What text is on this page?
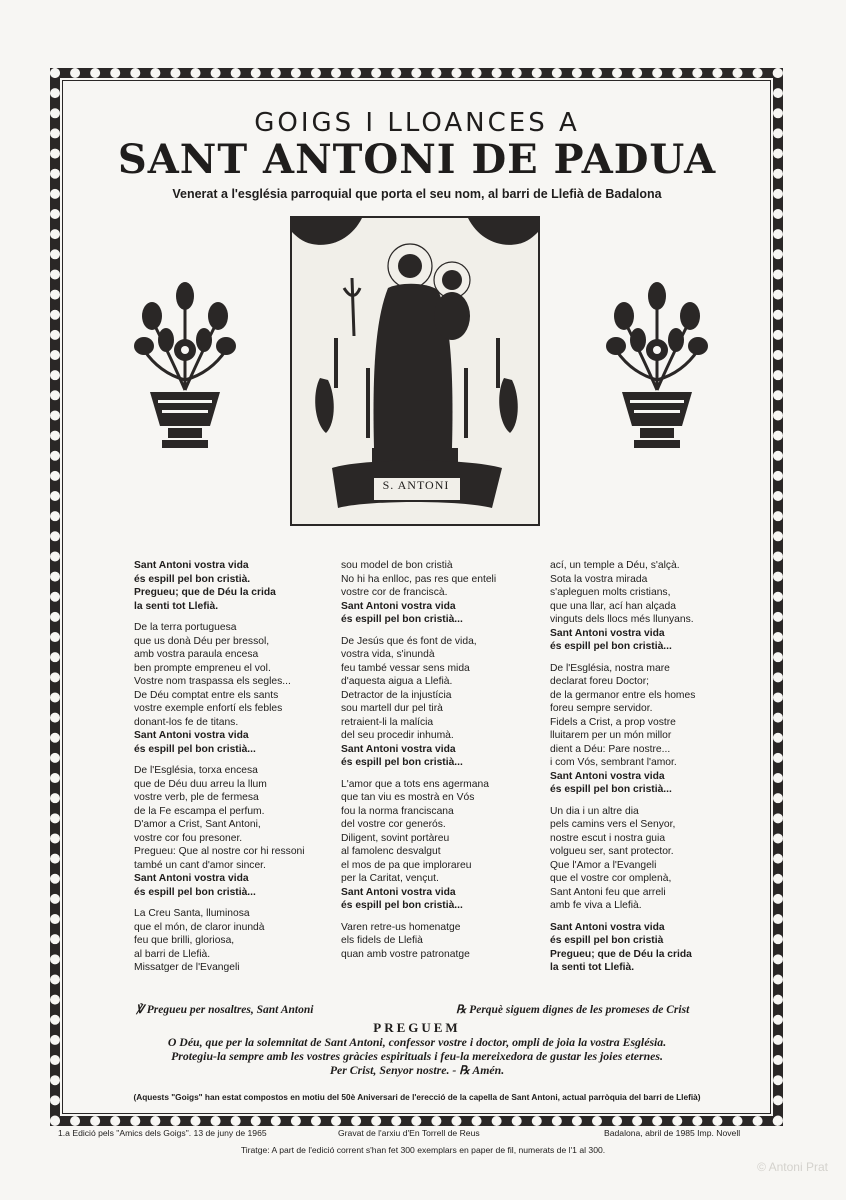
GOIGS I LLOANCES A
SANT ANTONI DE PADUA
Venerat a l'església parroquial que porta el seu nom, al barri de Llefià de Badalona
S. ANTONI

Sant Antoni vostra vida

és espill pel bon cristià.

Pregueu; que de Déu la crida

la senti tot Llefià.

De la terra portuguesa

que us donà Déu per bressol,

amb vostra paraula encesa

ben prompte empreneu el vol.

Vostre nom traspassa els segles...

De Déu comptat entre els sants

vostre exemple enfortí els febles

donant-los fe de titans.

Sant Antoni vostra vida

és espill pel bon cristià...

De l'Església, torxa encesa

que de Déu duu arreu la llum

vostre verb, ple de fermesa

de la Fe escampa el perfum.

D'amor a Crist, Sant Antoni,

vostre cor fou presoner.

Pregueu: Que al nostre cor hi ressoni

també un cant d'amor sincer.

Sant Antoni vostra vida

és espill pel bon cristià...

La Creu Santa, lluminosa

que el món, de claror inundà

feu que brilli, gloriosa,

al barri de Llefià.

Missatger de l'Evangeli

sou model de bon cristià

No hi ha enlloc, pas res que enteli

vostre cor de franciscà.

Sant Antoni vostra vida

és espill pel bon cristià...

De Jesús que és font de vida,

vostra vida, s'inundà

feu també vessar sens mida

d'aquesta aigua a Llefià.

Detractor de la injustícia

sou martell dur pel tirà

retraient-li la malícia

del seu procedir inhumà.

Sant Antoni vostra vida

és espill pel bon cristià...

L'amor que a tots ens agermana

que tan viu es mostrà en Vós

fou la norma franciscana

del vostre cor generós.

Diligent, sovint portàreu

al famolenc desvalgut

el mos de pa que implorareu

per la Caritat, vençut.

Sant Antoni vostra vida

és espill pel bon cristià...

Varen retre-us homenatge

els fidels de Llefià

quan amb vostre patronatge

ací, un temple a Déu, s'alçà.

Sota la vostra mirada

s'apleguen molts cristians,

que una llar, ací han alçada

vinguts dels llocs més llunyans.

Sant Antoni vostra vida

és espill pel bon cristià...

De l'Església, nostra mare

declarat foreu Doctor;

de la germanor entre els homes

foreu sempre servidor.

Fidels a Crist, a prop vostre

lluitarem per un món millor

dient a Déu: Pare nostre...

i com Vós, sembrant l'amor.

Sant Antoni vostra vida

és espill pel bon cristià...

Un dia i un altre dia

pels camins vers el Senyor,

nostre escut i nostra guia

volgueu ser, sant protector.

Que l'Amor a l'Evangeli

que el vostre cor omplenà,

Sant Antoni feu que arreli

amb fe viva a Llefià.

Sant Antoni vostra vida

és espill pel bon cristià

Pregueu; que de Déu la crida

la senti tot Llefià.

℣ Pregueu per nosaltres, Sant Antoni	℞ Perquè siguem dignes de les promeses de Crist
PREGUEM

O Déu, que per la solemnitat de Sant Antoni, confessor vostre i doctor, ompli de joia la vostra Església.

Protegiu-la sempre amb les vostres gràcies espirituals i feu-la mereixedora de gustar les joies eternes.

Per Crist, Senyor nostre. - ℞ Amén.

(Aquests "Goigs" han estat compostos en motiu del 50è Aniversari de l'erecció de la capella de Sant Antoni, actual parròquia del barri de Llefià)
1.a Edició pels "Amics dels Goigs". 13 de juny de 1965	Gravat de l'arxiu d'En Torrell de Reus	Badalona, abril de 1985 Imp. Novell
Tiratge: A part de l'edició corrent s'han fet 300 exemplars en paper de fil, numerats de l'1 al 300.
© Antoni Prat
